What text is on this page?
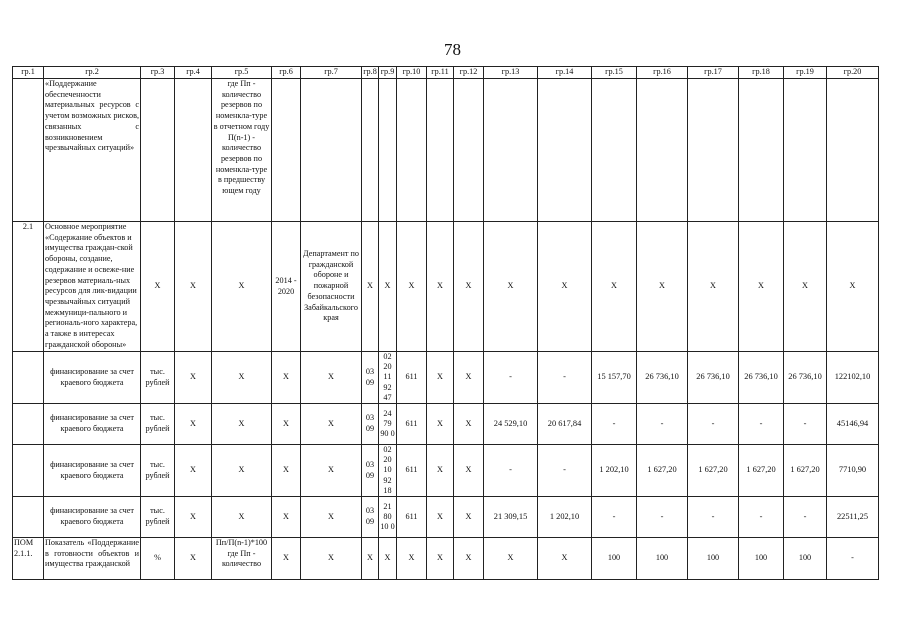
78
гр.1	гр.2	гр.3	гр.4	гр.5	гр.6	гр.7	гр.8	гр.9	гр.10	гр.11	гр.12	гр.13	гр.14	гр.15	гр.16	гр.17	гр.18	гр.19	гр.20
	«Поддержание обеспеченности материальных ресурсов с учетом возможных рисков, связанных с возникновением чрезвычайных ситуаций»			где Пп - количество резервов по номенкла-туре в отчетном году П(n-1) - количество резервов по номенкла-туре в предшеству ющем году															
2.1	Основное мероприятие «Содержание объектов и имущества граждан-ской обороны, создание, содержание и освеже-ние резервов материаль-ных ресурсов для лик-видации чрезвычайных ситуаций межмуници-пального и региональ-ного характера, а также в интересах гражданской обороны»	X	X	X	2014 - 2020	Департамент по гражданской обороне и пожарной безопасности Забайкальского края	X	X	X	X	X	X	X	X	X	X	X	X	X
	финансирование за счет краевого бюджета	тыс. рублей	X	X	X	X	03 09	02 20 11 92 47	611	X	X	-	-	15 157,70	26 736,10	26 736,10	26 736,10	26 736,10	122102,10
	финансирование за счет краевого бюджета	тыс. рублей	X	X	X	X	03 09	24 79 90 0	611	X	X	24 529,10	20 617,84	-	-	-	-	-	45146,94
	финансирование за счет краевого бюджета	тыс. рублей	X	X	X	X	03 09	02 20 10 92 18	611	X	X	-	-	1 202,10	1 627,20	1 627,20	1 627,20	1 627,20	7710,90
	финансирование за счет краевого бюджета	тыс. рублей	X	X	X	X	03 09	21 80 10 0	611	X	X	21 309,15	1 202,10	-	-	-	-	-	22511,25
ПОМ 2.1.1.	Показатель «Поддержание в готовности объектов и имущества гражданской	%	X	Пп/П(n-1)*100 где Пп - количество	X	X	X	X	X	X	X	X	X	100	100	100	100	100	-
